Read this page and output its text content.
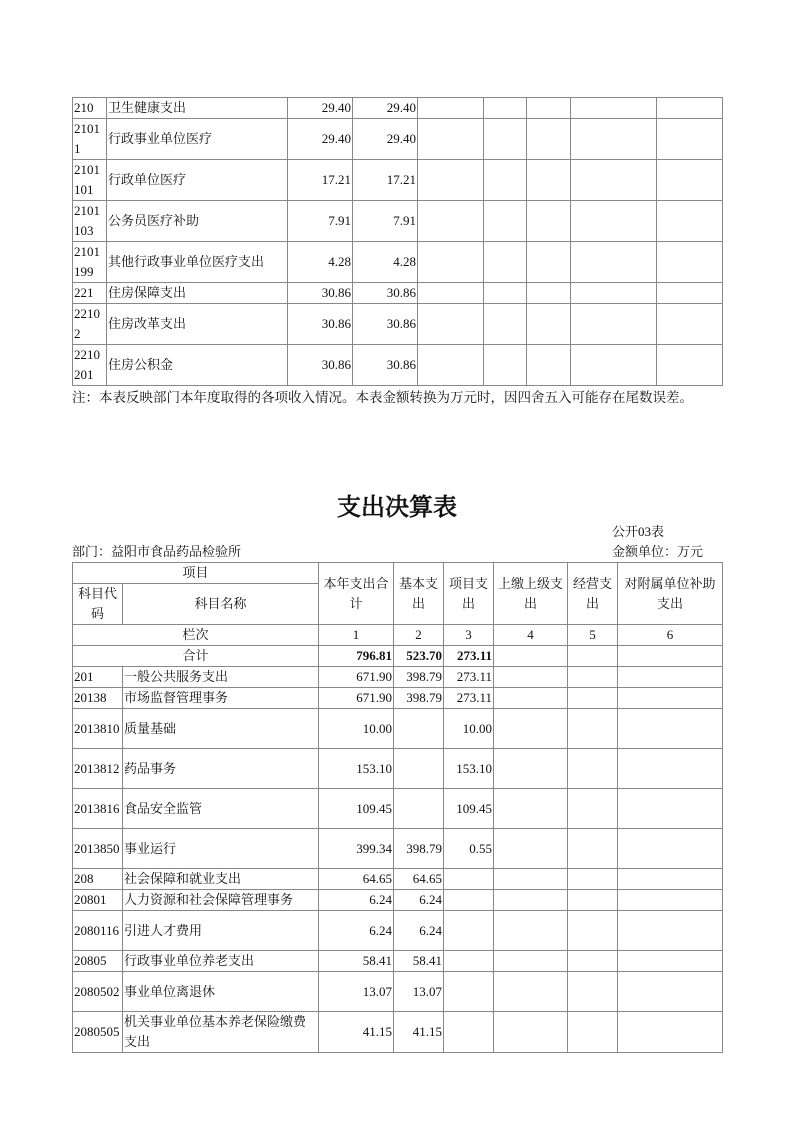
210	卫生健康支出	29.40	29.40					
21011	行政事业单位医疗	29.40	29.40					
2101101	行政单位医疗	17.21	17.21					
2101103	公务员医疗补助	7.91	7.91					
2101199	其他行政事业单位医疗支出	4.28	4.28					
221	住房保障支出	30.86	30.86					
22102	住房改革支出	30.86	30.86					
2210201	住房公积金	30.86	30.86					
注：本表反映部门本年度取得的各项收入情况。本表金额转换为万元时，因四舍五入可能存在尾数误差。
支出决算表
公开03表
金额单位：万元
部门：益阳市食品药品检验所
项目		本年支出合计	基本支出	项目支出	上缴上级支出	经营支出	对附属单位补助支出
科目代码	科目名称						
栏次		1	2	3	4	5	6
合计		796.81	523.70	273.11			
201	一般公共服务支出	671.90	398.79	273.11			
20138	市场监督管理事务	671.90	398.79	273.11			
2013810	质量基础	10.00		10.00			
2013812	药品事务	153.10		153.10			
2013816	食品安全监管	109.45		109.45			
2013850	事业运行	399.34	398.79	0.55			
208	社会保障和就业支出	64.65	64.65				
20801	人力资源和社会保障管理事务	6.24	6.24				
2080116	引进人才费用	6.24	6.24				
20805	行政事业单位养老支出	58.41	58.41				
2080502	事业单位离退休	13.07	13.07				
2080505	机关事业单位基本养老保险缴费支出	41.15	41.15				
